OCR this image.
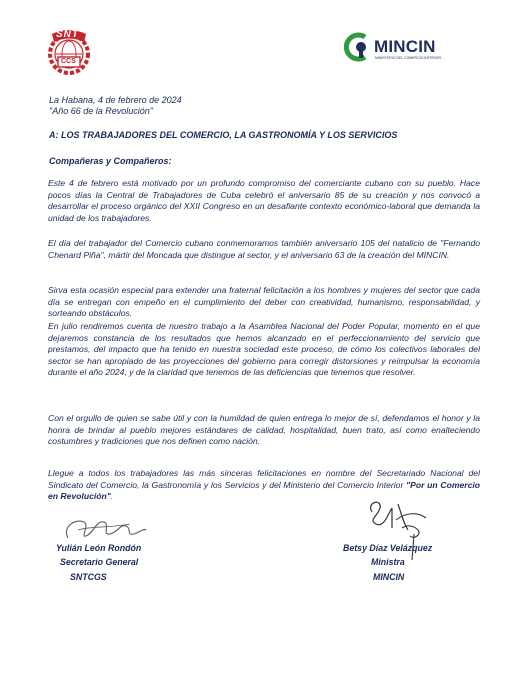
SNT
CCS
MINCIN
MINISTERIO DEL COMERCIO INTERIOR

La Habana, 4 de febrero de 2024

"Año 66 de la Revolución"

A: LOS TRABAJADORES DEL COMERCIO, LA GASTRONOMÍA Y LOS SERVICIOS

Compañeras y Compañeros:

Este 4 de febrero está motivado por un profundo compromiso del comerciante cubano con su pueblo. Hace pocos días la Central de Trabajadores de Cuba celebró el aniversario 85 de su creación y nos convocó a desarrollar el proceso orgánico del XXII Congreso en un desafiante contexto económico-laboral que demanda la unidad de los trabajadores.

El día del trabajador del Comercio cubano conmemoramos también aniversario 105 del natalicio de "Fernando Chenard Piña", mártir del Moncada que distingue al sector, y el aniversario 63 de la creación del MINCIN.

Sirva esta ocasión especial para extender una fraternal felicitación a los hombres y mujeres del sector que cada día se entregan con empeño en el cumplimiento del deber con creatividad, humanismo, responsabilidad, y sorteando obstáculos.

En julio rendiremos cuenta de nuestro trabajo a la Asamblea Nacional del Poder Popular, momento en el que dejaremos constancia de los resultados que hemos alcanzado en el perfeccionamiento del servicio que prestamos, del impacto que ha tenido en nuestra sociedad este proceso, de cómo los colectivos laborales del sector se han apropiado de las proyecciones del gobierno para corregir distorsiones y reimpulsar la economía durante el año 2024, y de la claridad que tenemos de las deficiencias que tenemos que resolver.

Con el orgullo de quien se sabe útil y con la humildad de quien entrega lo mejor de sí, defendamos el honor y la honra de brindar al pueblo mejores estándares de calidad, hospitalidad, buen trato, así como enalteciendo costumbres y tradiciones que nos definen como nación.

Llegue a todos los trabajadores las más sinceras felicitaciones en nombre del Secretariado Nacional del Sindicato del Comercio, la Gastronomía y los Servicios y del Ministerio del Comercio Interior "Por un Comercio en Revolución".

Yulián León Rondón

Secretario General

SNTCGS

Betsy Díaz Velázquez

Ministra

MINCIN
